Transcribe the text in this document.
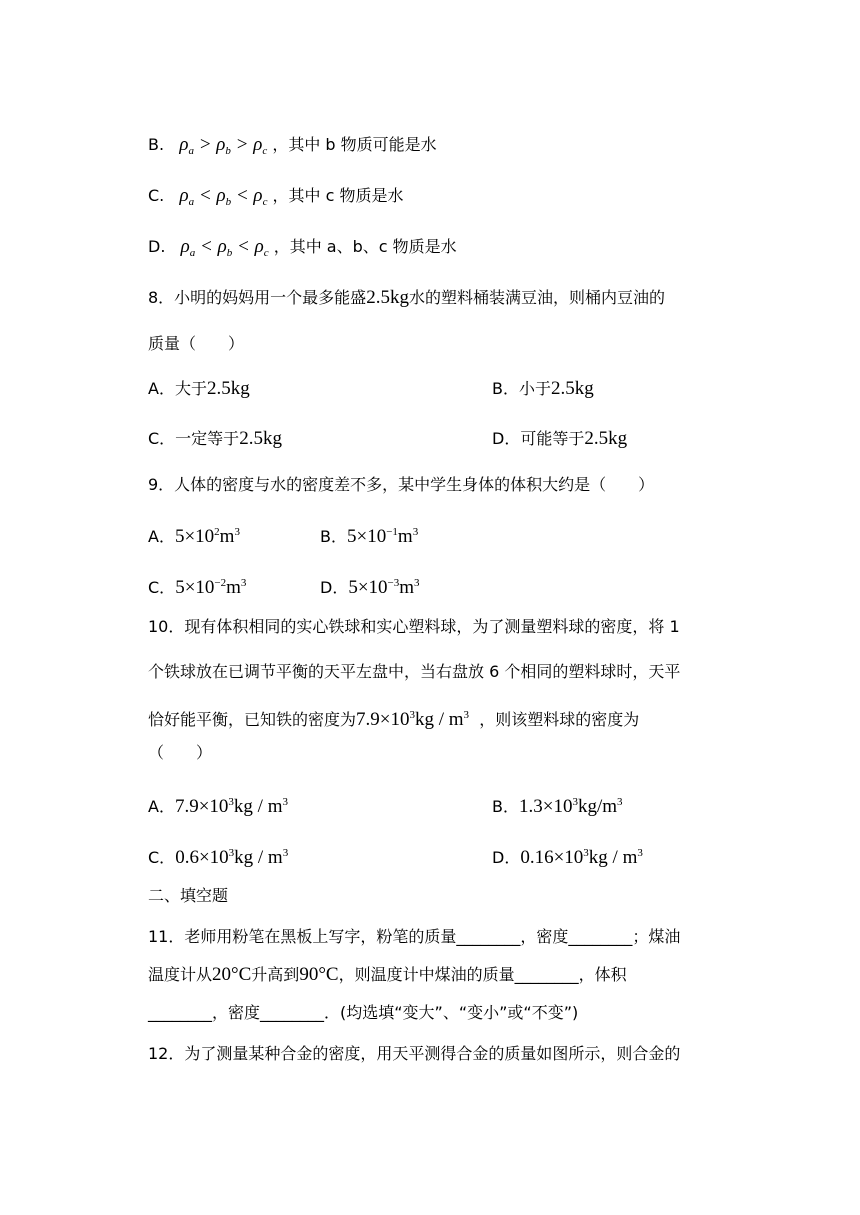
B. $\rho_a > \rho_b > \rho_c$ ，其中 b 物质可能是水
C. $\rho_a < \rho_b < \rho_c$ ，其中 c 物质是水
D. $\rho_a < \rho_b < \rho_c$ ，其中 a、b、c 物质是水
8．小明的妈妈用一个最多能盛2.5kg水的塑料桶装满豆油，则桶内豆油的
质量（　　）
A．大于2.5kg	B．小于2.5kg
C．一定等于2.5kg	D．可能等于2.5kg
9．人体的密度与水的密度差不多，某中学生身体的体积大约是（　　）
A．$5\times 10^2m^3$	B．$5\times 10^{-1}m^3$
C．$5\times 10^{-2}m^3$	D．$5\times 10^{-3}m^3$
10．现有体积相同的实心铁球和实心塑料球，为了测量塑料球的密度，将 1
个铁球放在已调节平衡的天平左盘中，当右盘放 6 个相同的塑料球时，天平
恰好能平衡，已知铁的密度为$7.9\times 10^3kg / m^3$ ，则该塑料球的密度为
（　　）
A．$7.9\times 10^3kg / m^3$	B．$1.3\times 10^3kg/m^3$
C．$0.6\times 10^3kg / m^3$	D．$0.16\times 10^3kg / m^3$
二、填空题
11．老师用粉笔在黑板上写字，粉笔的质量________，密度________；煤油
温度计从20°C升高到90°C，则温度计中煤油的质量________，体积
________，密度________．(均选填“变大”、“变小”或“不变”)
12．为了测量某种合金的密度，用天平测得合金的质量如图所示，则合金的
